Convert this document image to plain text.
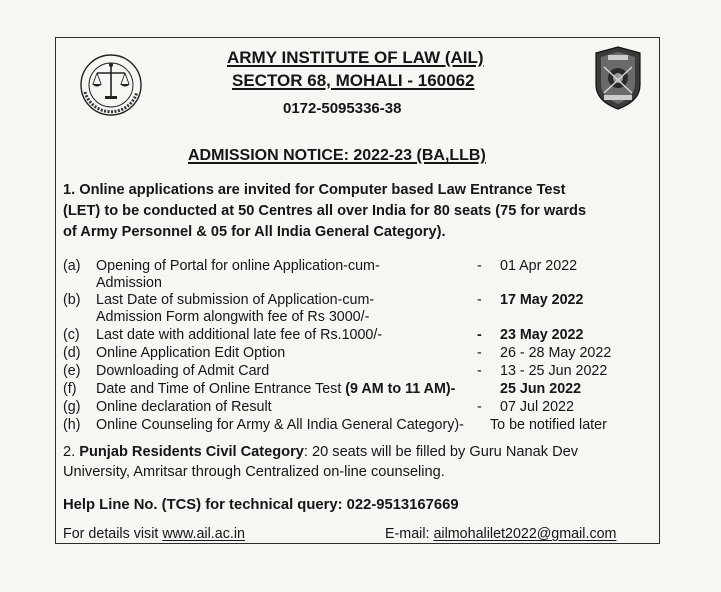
ARMY INSTITUTE OF LAW (AIL)
SECTOR 68, MOHALI - 160062
0172-5095336-38
ADMISSION NOTICE: 2022-23 (BA,LLB)
1. Online applications are invited for Computer based Law Entrance Test
(LET) to be conducted at 50 Centres all over India for 80 seats (75 for wards
of Army Personnel & 05 for All India General Category).
(a) Opening of Portal for online Application-cum-	- 01 Apr 2022
Admission
(b) Last Date of submission of Application-cum-	- 17 May 2022
Admission Form alongwith fee of Rs 3000/-
(c) Last date with additional late fee of Rs.1000/-	- 23 May 2022
(d) Online Application Edit Option	- 26 - 28 May 2022
(e) Downloading of Admit Card	- 13 - 25 Jun 2022
(f) Date and Time of Online Entrance Test (9 AM to 11 AM)-	25 Jun 2022
(g) Online declaration of Result	- 07 Jul 2022
(h) Online Counseling for Army & All India General Category)- To be notified later
2. Punjab Residents Civil Category: 20 seats will be filled by Guru Nanak Dev
University, Amritsar through Centralized on-line counseling.
Help Line No. (TCS) for technical query: 022-9513167669
For details visit www.ail.ac.in	E-mail: ailmohalilet2022@gmail.com
